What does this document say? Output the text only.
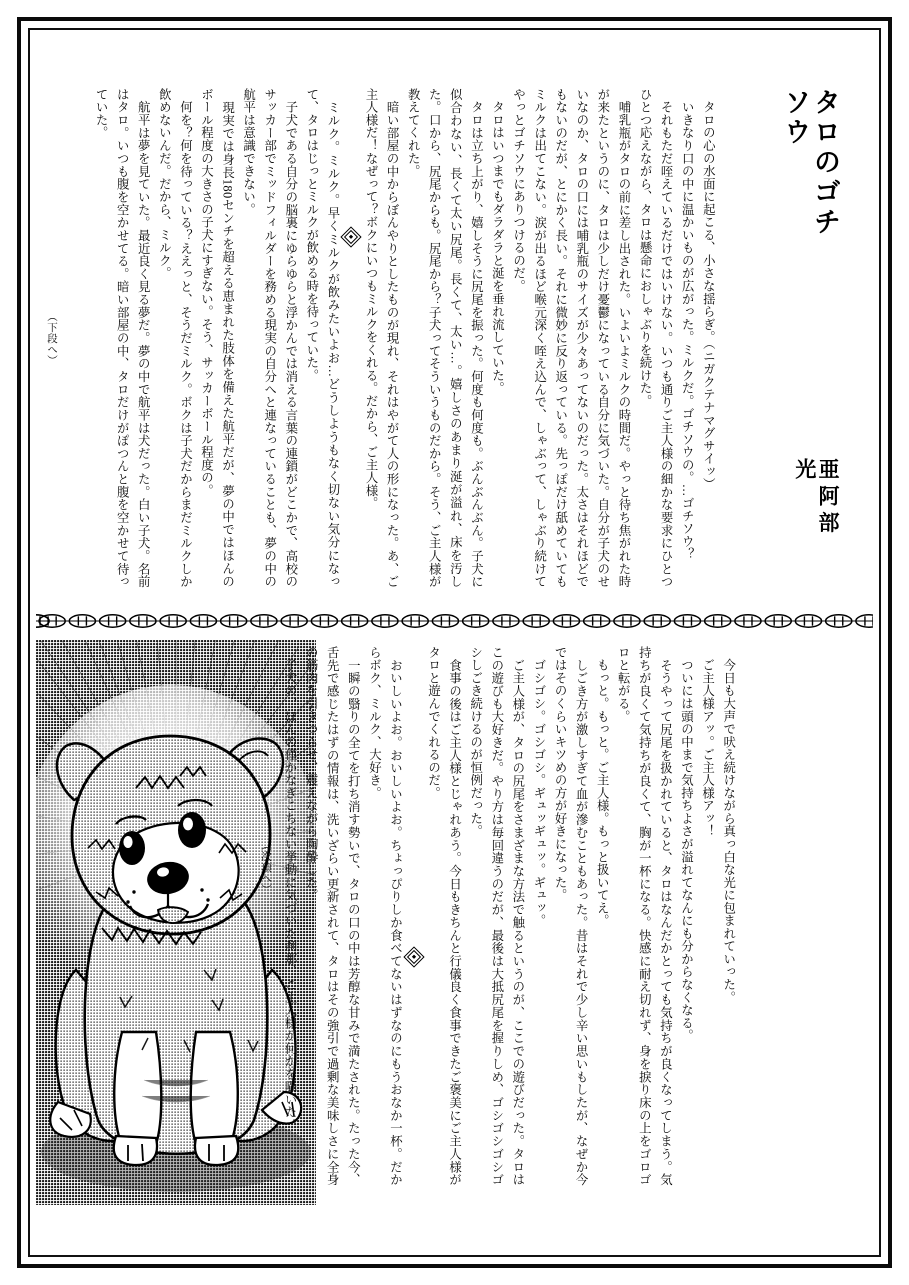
タロのゴチソウ
亜阿部　光
　航平は夢を見ていた。最近良く見る夢だ。夢の中で航平は犬だった。白い子犬。名前はタロ。いつも腹を空かせてる。暗い部屋の中、タロだけがぽつんと腹を空かせて待っていた。	　何を？何を待っている？ええっと、そうだミルク。ボクは子犬だからまだミルクしか飲めないんだ。だから、ミルク。	　現実では身長180センチを超える恵まれた肢体を備えた航平だが、夢の中ではほんのボール程度の大きさの子犬にすぎない。そう、サッカーボール程度の。	　子犬である自分の脳裏にゆらゆらと浮かんでは消える言葉の連鎖がどこかで、高校のサッカー部でミッドフィルダーを務める現実の自分へと連なっていることも、夢の中の航平は意識できない。	　ミルク。ミルク。早くミルクが飲みたいよお…どうしようもなく切ない気分になって、タロはじっとミルクが飲める時を待っていた。	　暗い部屋の中からぼんやりとしたものが現れ、それはやがて人の形になった。あ、ご主人様だ！なぜって？ボクにいつもミルクをくれる。だから、ご主人様。	　タロは立ち上がり、嬉しそうに尻尾を振った。何度も何度も。ぶんぶんぶん。子犬に似合わない、長くて太い尻尾。長くて、太い…。嬉しさのあまり涎が溢れ、床を汚した。口から、尻尾からも。尻尾から？子犬ってそういうものだから。そう、ご主人様が教えてくれた。	　タロはいつまでもダラダラと涎を垂れ流していた。	　哺乳瓶がタロの前に差し出された。いよいよミルクの時間だ。やっと待ち焦がれた時が来たというのに、タロは少しだけ憂鬱になっている自分に気づいた。自分が子犬のせいなのか、タロの口には哺乳瓶のサイズが少々あってないのだった。太さはそれほどでもないのだが、とにかく長い。それに微妙に反り返っている。先っぽだけ舐めていてもミルクは出てこない。涙が出るほど喉元深く咥え込んで、しゃぶって、しゃぶり続けてやっとゴチソウにありつけるのだ。	　それもただ咥えているだけではいけない。いつも通りご主人様の細かな要求にひとつひとつ応えながら、タロは懸命におしゃぶりを続けた。	　いきなり口の中に温かいものが広がった。ミルクだ。ゴチソウの。…ゴチソウ？ 　タロの心の水面に起こる、小さな揺らぎ。（ニガクテナマグサイッ）
（下段へ）
（次項へ） 　子犬の、ほんの僅かなぎこちない挙動に気づいた刹那、ご主人様が何かを囁いた。	　一瞬の翳りの全てを打ち消す勢いで、タロの口の中は芳醇な甘みで満たされた。たった今、舌先で感じたはずの情報は、洗いざらい更新されて、タロはその強引で過剰な美味しさに全身の筋肉を引きつらせ、震えながら陶酔した。	　おいしいよお。おいしいよお。ちょっぴりしか食べてないはずなのにもうおなか一杯。だからボク、ミルク、大好き。	　食事の後はご主人様とじゃれあう。今日もきちんと行儀良く食事できたご褒美にご主人様がタロと遊んでくれるのだ。	　ご主人様が、タロの尻尾をさまざまな方法で触るというのが、ここでの遊びだった。タロはこの遊びも大好きだ。やり方は毎回違うのだが、最後は大抵尻尾を握りしめ、ゴシゴシゴシゴシしごき続けるのが恒例だった。	　ゴシゴシ。ゴシゴシ。ギュッギュッ。ギュッ。	　しごき方が激しすぎて血が滲むこともあった。昔はそれで少し辛い思いもしたが、なぜか今ではそのくらいキツめの方が好きになった。	　もっと。もっと。ご主人様。もっと扱いてえ。	　そうやって尻尾を扱かれていると、タロはなんだかとっても気持ちが良くなってしまう。気持ちが良くて気持ちが良くて、胸が一杯になる。快感に耐え切れず、身を捩り床の上をゴロゴロと転がる。	　ついには頭の中まで気持ちよさが溢れてなんにも分からなくなる。 　ご主人様アッ。ご主人様アッ！ 　今日も大声で吠え続けながら真っ白な光に包まれていった。
